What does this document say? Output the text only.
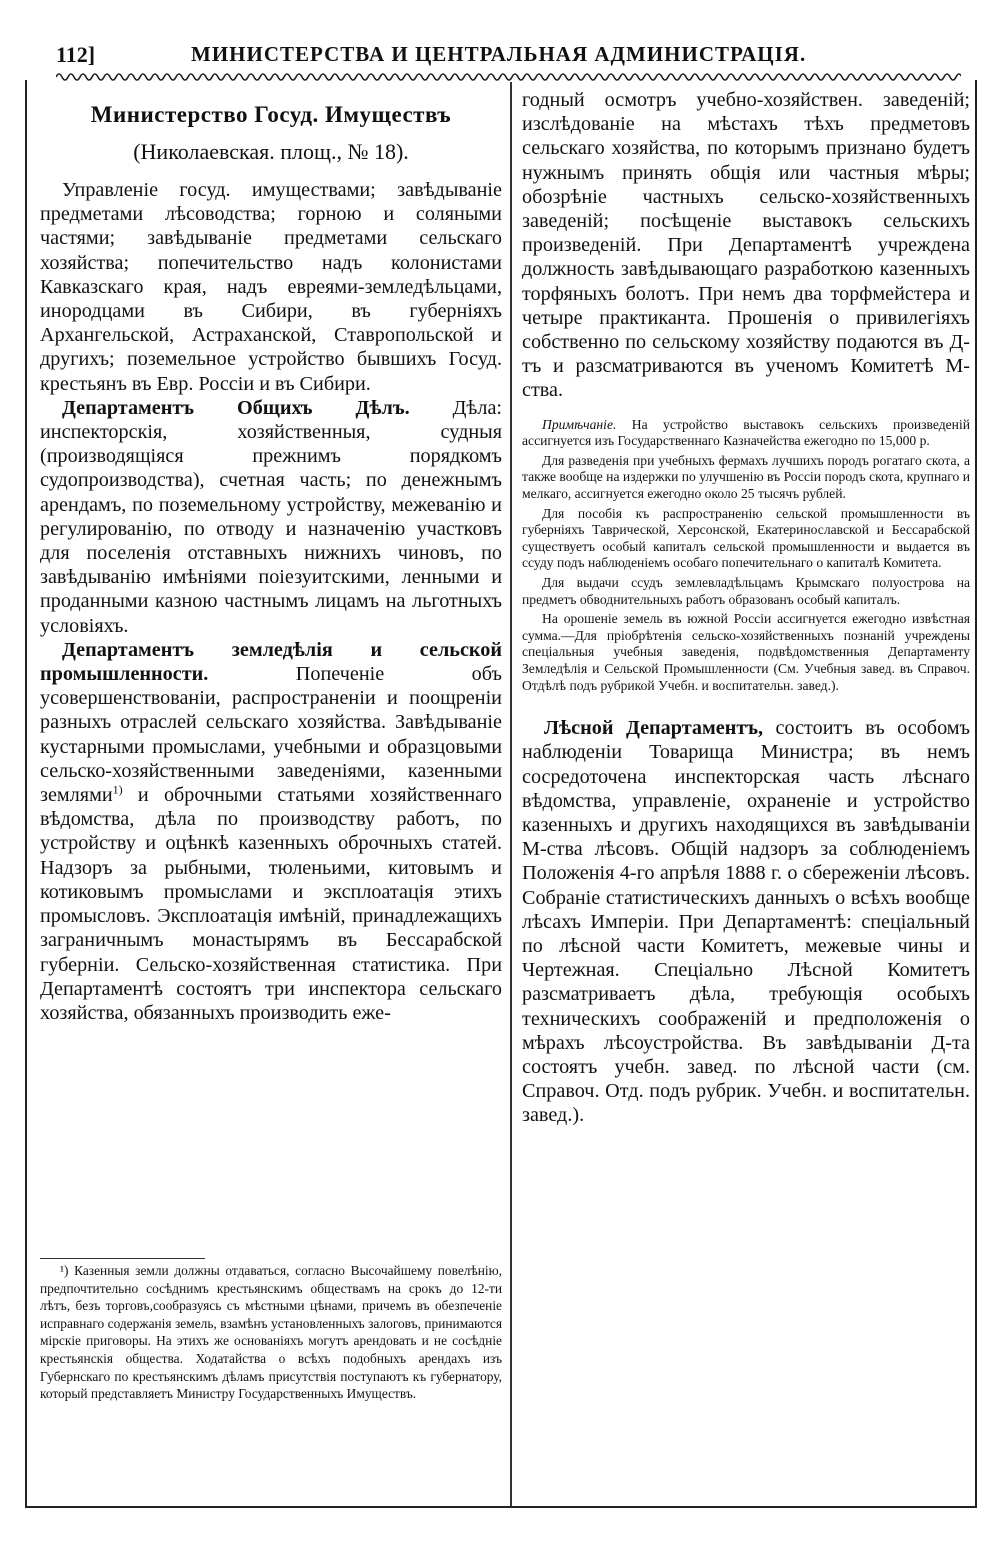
112]	МИНИСТЕРСТВА И ЦЕНТРАЛЬНАЯ АДМИНИСТРАЦІЯ.

Министерство Госуд. Имуществъ

(Николаевская. площ., № 18).

Управленіе госуд. имуществами; завѣдываніе предметами лѣсоводства; горною и соляными частями; завѣдываніе предметами сельскаго хозяйства; попечительство надъ колонистами Кавказскаго края, надъ евреями-земледѣльцами, инородцами въ Сибири, въ губерніяхъ Архангельской, Астраханской, Ставропольской и другихъ; поземельное устройство бывшихъ Госуд. крестьянъ въ Евр. Россіи и въ Сибири.

Департаментъ Общихъ Дѣлъ. Дѣла: инспекторскія, хозяйственныя, судныя (производящіяся прежнимъ порядкомъ судопроизводства), счетная часть; по денежнымъ арендамъ, по поземельному устройству, межеванію и регулированію, по отводу и назначенію участковъ для поселенія отставныхъ нижнихъ чиновъ, по завѣдыванію имѣніями поіезуитскими, ленными и проданными казною частнымъ лицамъ на льготныхъ условіяхъ.

Департаментъ земледѣлія и сельской промышленности. Попеченіе объ усовершенствованіи, распространеніи и поощреніи разныхъ отраслей сельскаго хозяйства. Завѣдываніе кустарными промыслами, учебными и образцовыми сельско-хозяйственными заведеніями, казенными землями$^{1)}$ и оброчными статьями хозяйственнаго вѣдомства, дѣла по производству работъ, по устройству и оцѣнкѣ казенныхъ оброчныхъ статей. Надзоръ за рыбными, тюленьими, китовымъ и котиковымъ промыслами и эксплоатація этихъ промысловъ. Эксплоатація имѣній, принадлежащихъ заграничнымъ монастырямъ въ Бессарабской губерніи. Сельско-хозяйственная статистика. При Департаментѣ состоятъ три инспектора сельскаго хозяйства, обязанныхъ производить еже-

¹) Казенныя земли должны отдаваться, согласно Высочайшему повелѣнію, предпочтительно сосѣднимъ крестьянскимъ обществамъ на срокъ до 12-ти лѣтъ, безъ торговъ,сообразуясь съ мѣстными цѣнами, причемъ въ обезпеченіе исправнаго содержанія земель, взамѣнъ установленныхъ залоговъ, принимаются мірскіе приговоры. На этихъ же основаніяхъ могутъ арендовать и не сосѣдніе крестьянскія общества. Ходатайства о всѣхъ подобныхъ арендахъ изъ Губернскаго по крестьянскимъ дѣламъ присутствія поступаютъ къ губернатору, который представляетъ Министру Государственныхъ Имуществъ.

годный осмотръ учебно-хозяйствен. заведеній; изслѣдованіе на мѣстахъ тѣхъ предметовъ сельскаго хозяйства, по которымъ признано будетъ нужнымъ принять общія или частныя мѣры; обозрѣніе частныхъ сельско-хозяйственныхъ заведеній; посѣщеніе выставокъ сельскихъ произведеній. При Департаментѣ учреждена должность завѣдывающаго разработкою казенныхъ торфяныхъ болотъ. При немъ два торфмейстера и четыре практиканта. Прошенія о привилегіяхъ собственно по сельскому хозяйству подаются въ Д-тъ и разсматриваются въ ученомъ Комитетѣ М-ства.

Примѣчаніе. На устройство выставокъ сельскихъ произведеній ассигнуется изъ Государственнаго Казначейства ежегодно по 15,000 р.

Для разведенія при учебныхъ фермахъ лучшихъ породъ рогатаго скота, а также вообще на издержки по улучшенію въ Россіи породъ скота, крупнаго и мелкаго, ассигнуется ежегодно около 25 тысячъ рублей.

Для пособія къ распространенію сельской промышленности въ губерніяхъ Таврической, Херсонской, Екатеринославской и Бессарабской существуетъ особый капиталъ сельской промышленности и выдается въ ссуду подъ наблюденіемъ особаго попечительнаго о капиталѣ Комитета.

Для выдачи ссудъ землевладѣльцамъ Крымскаго полуострова на предметъ обводнительныхъ работъ образованъ особый капиталъ.

На орошеніе земель въ южной Россіи ассигнуется ежегодно извѣстная сумма.—Для пріобрѣтенія сельско-хозяйственныхъ познаній учреждены спеціальныя учебныя заведенія, подвѣдомственныя Департаменту Земледѣлія и Сельской Промышленности (См. Учебныя завед. въ Справоч. Отдѣлѣ подъ рубрикой Учебн. и воспитательн. завед.).

Лѣсной Департаментъ, состоитъ въ особомъ наблюденіи Товарища Министра; въ немъ сосредоточена инспекторская часть лѣснаго вѣдомства, управленіе, охраненіе и устройство казенныхъ и другихъ находящихся въ завѣдываніи М-ства лѣсовъ. Общій надзоръ за соблюденіемъ Положенія 4-го апрѣля 1888 г. о сбереженіи лѣсовъ. Собраніе статистическихъ данныхъ о всѣхъ вообще лѣсахъ Имперіи. При Департаментѣ: спеціальный по лѣсной части Комитетъ, межевые чины и Чертежная. Спеціально Лѣсной Комитетъ разсматриваетъ дѣла, требующія особыхъ техническихъ соображеній и предположенія о мѣрахъ лѣсоустройства. Въ завѣдываніи Д-та состоятъ учебн. завед. по лѣсной части (см. Справоч. Отд. подъ рубрик. Учебн. и воспитательн. завед.).
